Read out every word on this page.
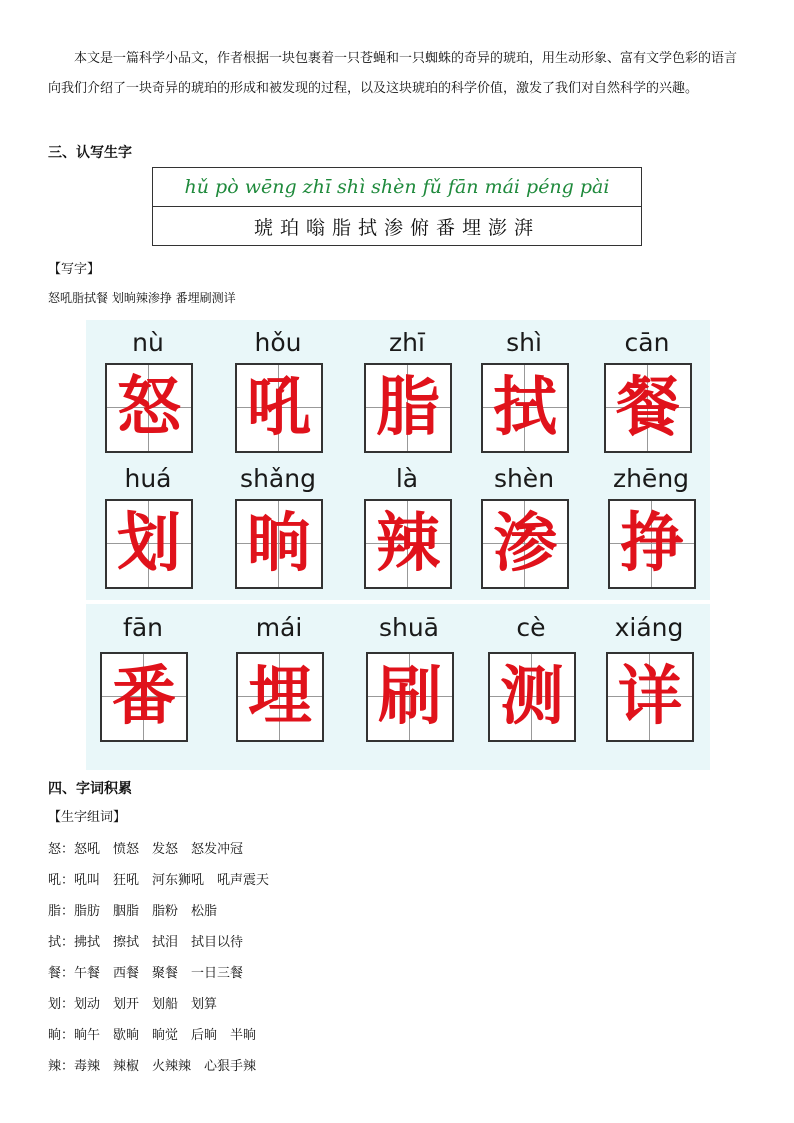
本文是一篇科学小品文，作者根据一块包裹着一只苍蝇和一只蜘蛛的奇异的琥珀，用生动形象、富有文学色彩的语言向我们介绍了一块奇异的琥珀的形成和被发现的过程，以及这块琥珀的科学价值，激发了我们对自然科学的兴趣。

三、认写生字
hǔ pò wēng zhī shì shèn fǔ fān mái péng pài
琥珀嗡脂拭渗俯番埋澎湃
【写字】
怒吼脂拭餐 划晌辣渗挣 番埋刷测详
nù
怒
hǒu
吼
zhī
脂
shì
拭
cān
餐
huá
划
shǎng
晌
là
辣
shèn
渗
zhēng
挣
fān
番
mái
埋
shuā
刷
cè
测
xiáng
详
四、字词积累
【生字组词】
怒：怒吼　愤怒　发怒　怒发冲冠
吼：吼叫　狂吼　河东狮吼　吼声震天
脂：脂肪　胭脂　脂粉　松脂
拭：拂拭　擦拭　拭泪　拭目以待
餐：午餐　西餐　聚餐　一日三餐
划：划动　划开　划船　划算
晌：晌午　歇晌　晌觉　后晌　半晌
辣：毒辣　辣椒　火辣辣　心狠手辣
